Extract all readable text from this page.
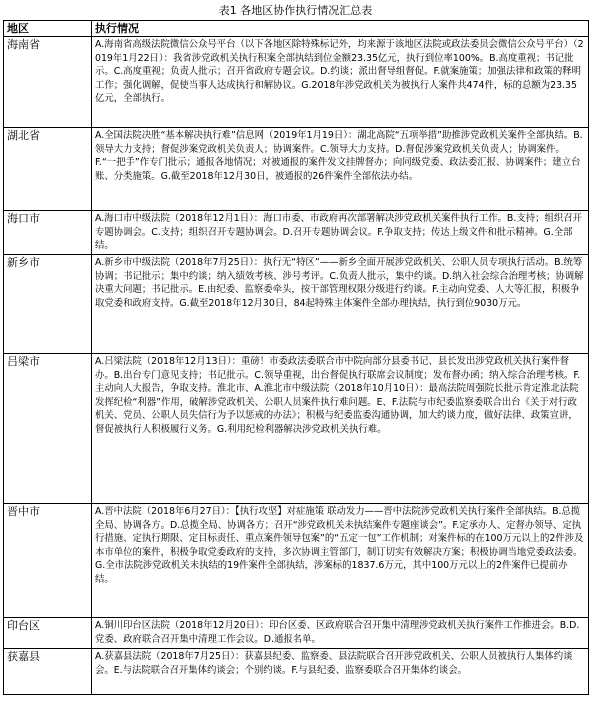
表1 各地区协作执行情况汇总表
地区	执行情况
海南省	A.海南省高级法院微信公众号平台（以下各地区除特殊标记外，均来源于该地区法院或政法委员会微信公众号平台）（2019年1月22日）：我省涉党政机关执行积案全部执结到位金额23.35亿元，执行到位率100%。B.高度重视；书记批示。C.高度重视；负责人批示；召开省政府专题会议。D.约谈；派出督导组督促。F.就案施策；加强法律和政策的释明工作；强化调解，促使当事人达成执行和解协议。G.2018年涉党政机关为被执行人案件共474件，标的总额为23.35亿元，全部执行。
湖北省	A.全国法院决胜“基本解决执行难”信息网（2019年1月19日）：湖北高院“五项举措”助推涉党政机关案件全部执结。B.领导大力支持；督促涉案党政机关负责人；协调案件。C.领导大力支持。D.督促涉案党政机关负责人；协调案件。F.“一把手”作专门批示；通报各地情况；对被通报的案件发文挂牌督办；向同级党委、政法委汇报、协调案件；建立台账、分类施策。G.截至2018年12月30日，被通报的26件案件全部依法办结。
海口市	A.海口市中级法院（2018年12月1日）：海口市委、市政府再次部署解决涉党政机关案件执行工作。B.支持；组织召开专题协调会。C.支持；组织召开专题协调会。D.召开专题协调会议。F.争取支持；传达上级文件和批示精神。G.全部结。
新乡市	A.新乡市中级法院（2018年7月25日）：执行无“特区”——新乡全面开展涉党政机关、公职人员专项执行活动。B.统筹协调；书记批示；集中约谈；纳入绩效考核、涉号考评。C.负责人批示，集中约谈。D.纳入社会综合治理考核；协调解决重大问题；书记批示。E.由纪委、监察委牵头，按干部管理权限分级进行约谈。F.主动向党委、人大等汇报，积极争取党委和政府支持。G.截至2018年12月30日，84起特殊主体案件全部办理执结，执行到位9030万元。
吕梁市	A.吕梁法院（2018年12月13日）：重磅！市委政法委联合市中院向部分县委书记、县长发出涉党政机关执行案件督办。B.出台专门意见支持；书记批示。C.领导重视，出台督促执行联席会议制度；发布督办函；纳入综合治理考核。F.主动向人大报告，争取支持。淮北市、A.淮北市中级法院（2018年10月10日）：最高法院周强院长批示肯定淮北法院发挥纪检“利器”作用，破解涉党政机关、公职人员案件执行难问题。E、F.法院与市纪委监察委联合出台《关于对行政机关、党员、公职人员失信行为予以惩戒的办法》；积极与纪委监委沟通协调，加大约谈力度，做好法律、政策宣讲，督促被执行人积极履行义务。G.利用纪检利器解决涉党政机关执行难。
晋中市	A.晋中法院（2018年6月27日）：【执行攻坚】对症施策 联动发力——晋中法院涉党政机关执行案件全部执结。B.总揽全局、协调各方。D.总揽全局、协调各方；召开“涉党政机关未执结案件专题座谈会”。F.定承办人、定督办领导、定执行措施、定执行期限、定目标责任、重点案件领导包案”的“五定一包”工作机制；对案件标的在100万元以上的2件涉及本市单位的案件，积极争取党委政府的支持，多次协调主管部门，制订切实有效解决方案；积极协调当地党委政法委。G.全市法院涉党政机关未执结的19件案件全部执结，涉案标的1837.6万元，其中100万元以上的2件案件已提前办结。
印台区	A.铜川印台区法院（2018年12月20日）：印台区委、区政府联合召开集中清理涉党政机关执行案件工作推进会。B.D.党委、政府联合召开集中清理工作会议。D.通报名单。
获嘉县	A.获嘉县法院（2018年7月25日）：获嘉县纪委、监察委、县法院联合召开涉党政机关、公职人员被执行人集体约谈会。E.与法院联合召开集体约谈会；个别约谈。F.与县纪委、监察委联合召开集体约谈会。
